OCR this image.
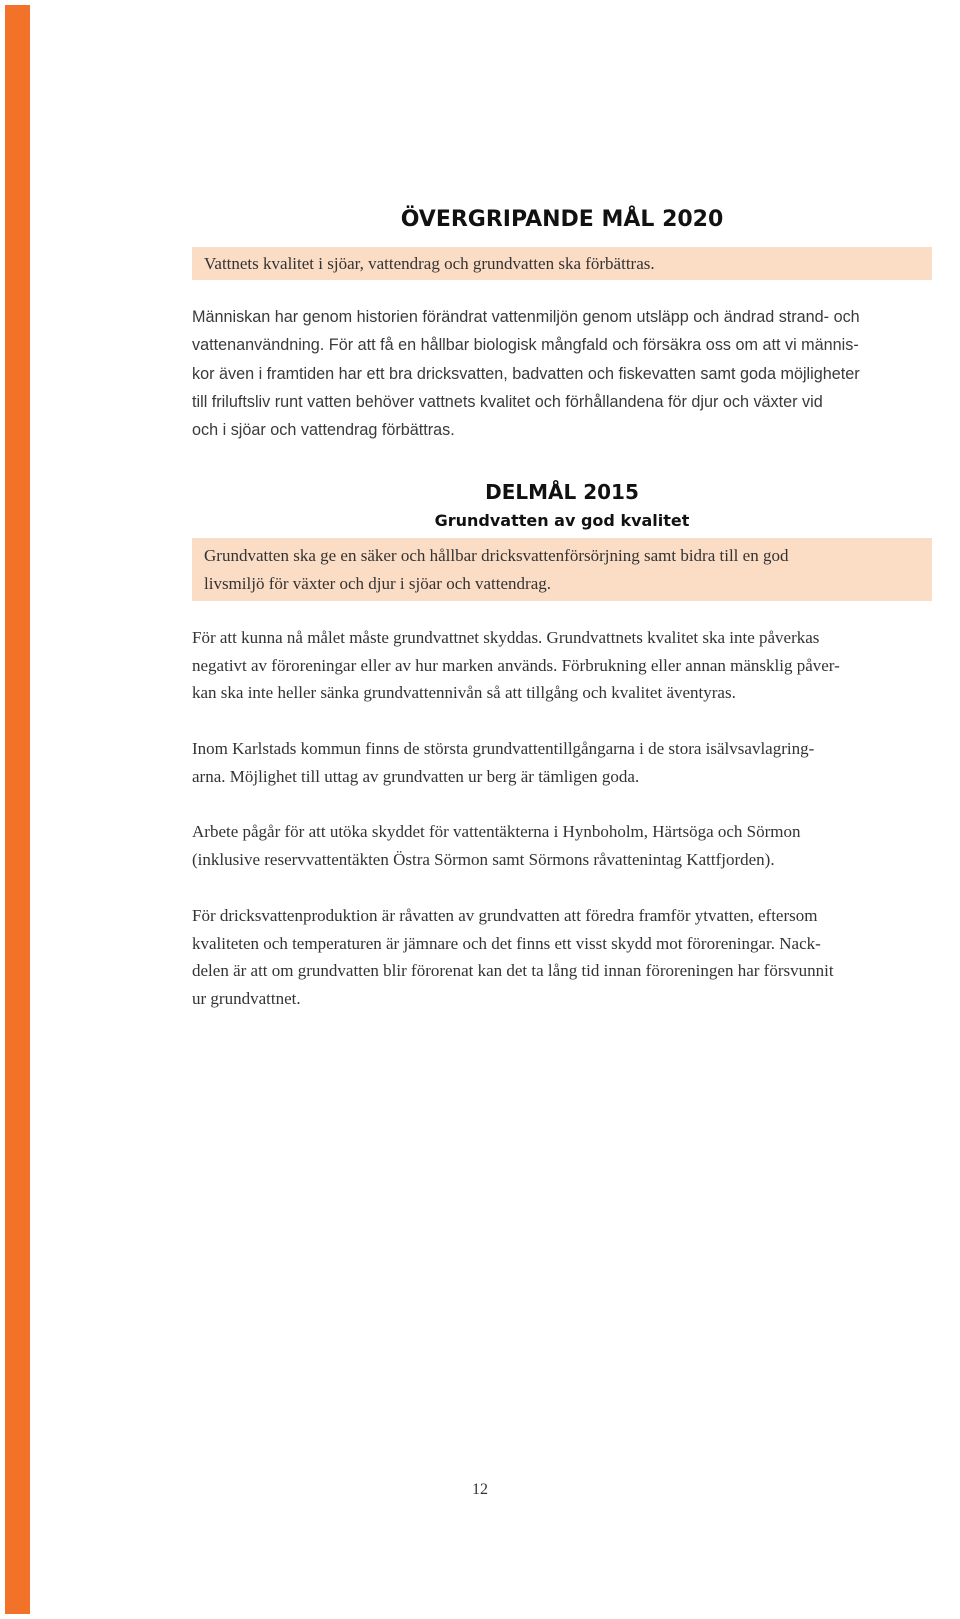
ÖVERGRIPANDE MÅL 2020
Vattnets kvalitet i sjöar, vattendrag och grundvatten ska förbättras.
Människan har genom historien förändrat vattenmiljön genom utsläpp och ändrad strand- och
vattenanvändning. För att få en hållbar biologisk mångfald och försäkra oss om att vi männis-
kor även i framtiden har ett bra dricksvatten, badvatten och fiskevatten samt goda möjligheter
till friluftsliv runt vatten behöver vattnets kvalitet och förhållandena för djur och växter vid
och i sjöar och vattendrag förbättras.
DELMÅL 2015
Grundvatten av god kvalitet
Grundvatten ska ge en säker och hållbar dricksvattenförsörjning samt bidra till en god
livsmiljö för växter och djur i sjöar och vattendrag.
För att kunna nå målet måste grundvattnet skyddas. Grundvattnets kvalitet ska inte påverkas
negativt av föroreningar eller av hur marken används. Förbrukning eller annan mänsklig påver-
kan ska inte heller sänka grundvattennivån så att tillgång och kvalitet äventyras.
Inom Karlstads kommun finns de största grundvattentillgångarna i de stora isälvsavlagring-
arna. Möjlighet till uttag av grundvatten ur berg är tämligen goda.
Arbete pågår för att utöka skyddet för vattentäkterna i Hynboholm, Härtsöga och Sörmon
(inklusive reservvattentäkten Östra Sörmon samt Sörmons råvattenintag Kattfjorden).
För dricksvattenproduktion är råvatten av grundvatten att föredra framför ytvatten, eftersom
kvaliteten och temperaturen är jämnare och det finns ett visst skydd mot föroreningar. Nack-
delen är att om grundvatten blir förorenat kan det ta lång tid innan föroreningen har försvunnit
ur grundvattnet.
12
